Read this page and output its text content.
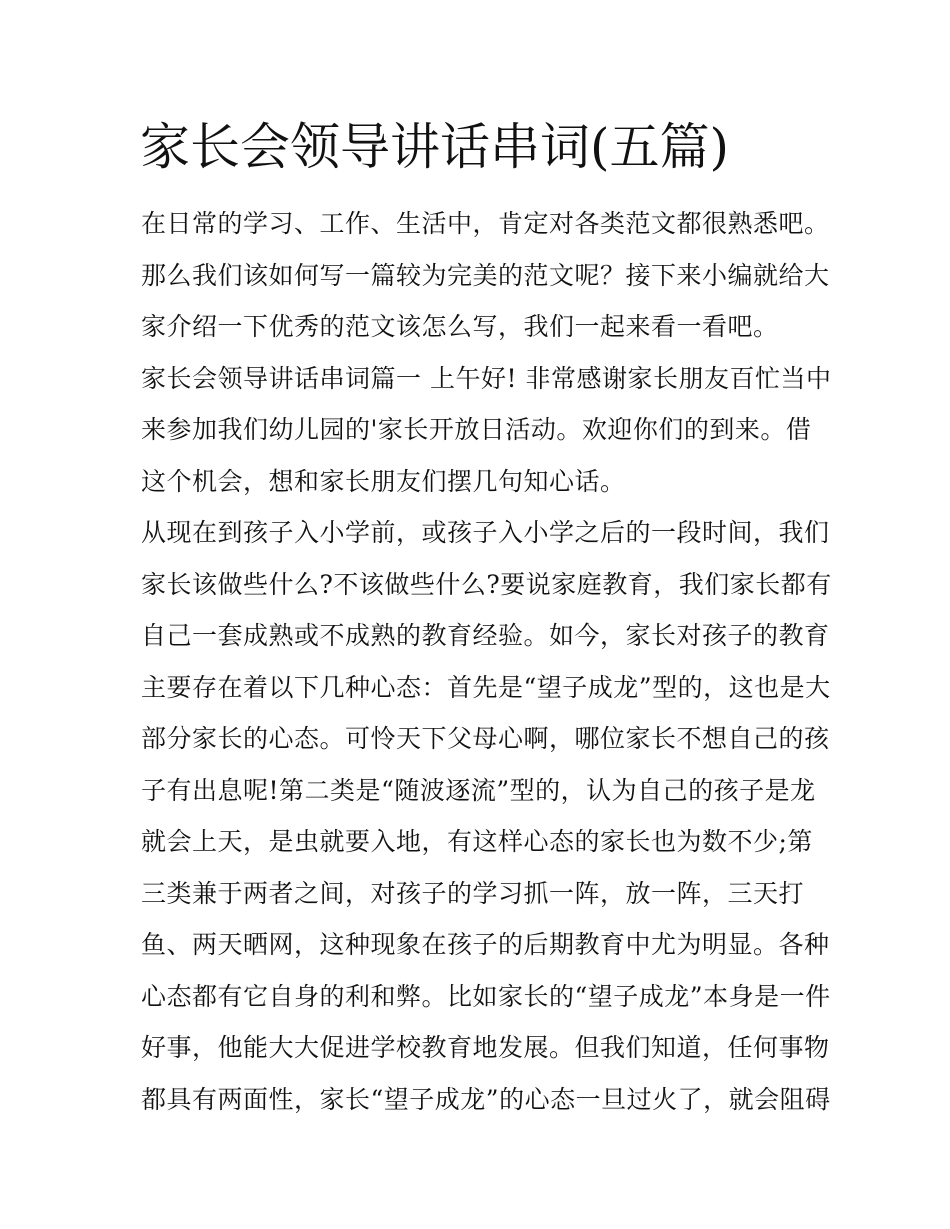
家长会领导讲话串词(五篇)
在日常的学习、工作、生活中，肯定对各类范文都很熟悉吧。
那么我们该如何写一篇较为完美的范文呢？接下来小编就给大
家介绍一下优秀的范文该怎么写，我们一起来看一看吧。
家长会领导讲话串词篇一 上午好! 非常感谢家长朋友百忙当中
来参加我们幼儿园的'家长开放日活动。欢迎你们的到来。借
这个机会，想和家长朋友们摆几句知心话。
从现在到孩子入小学前，或孩子入小学之后的一段时间，我们
家长该做些什么?不该做些什么?要说家庭教育，我们家长都有
自己一套成熟或不成熟的教育经验。如今，家长对孩子的教育
主要存在着以下几种心态：首先是“望子成龙”型的，这也是大
部分家长的心态。可怜天下父母心啊，哪位家长不想自己的孩
子有出息呢!第二类是“随波逐流”型的，认为自己的孩子是龙
就会上天，是虫就要入地，有这样心态的家长也为数不少;第
三类兼于两者之间，对孩子的学习抓一阵，放一阵，三天打
鱼、两天晒网，这种现象在孩子的后期教育中尤为明显。各种
心态都有它自身的利和弊。比如家长的“望子成龙”本身是一件
好事，他能大大促进学校教育地发展。但我们知道，任何事物
都具有两面性，家长“望子成龙”的心态一旦过火了，就会阻碍
